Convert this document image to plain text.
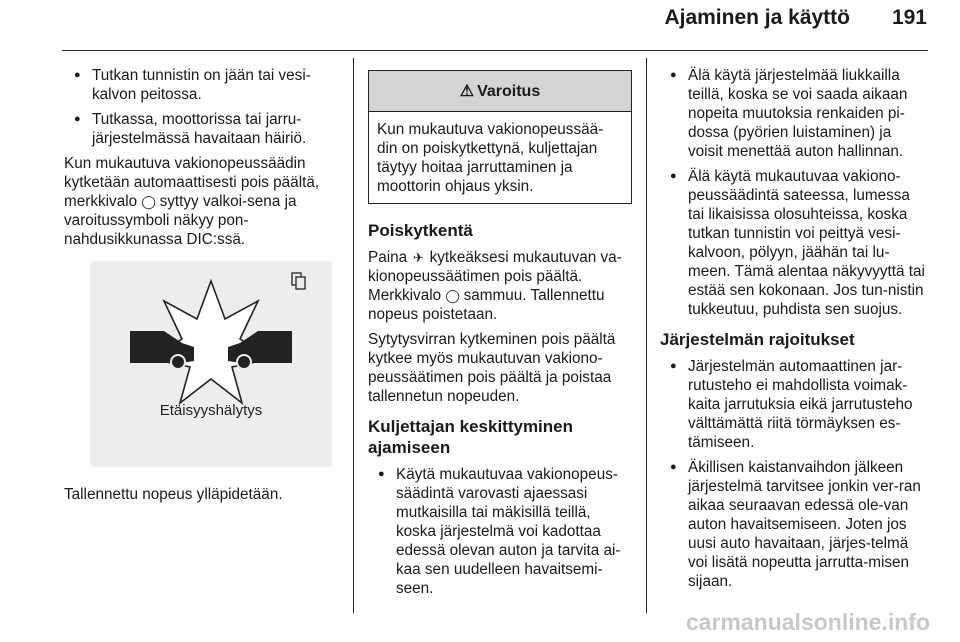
Ajaminen ja käyttö	191
● Tutkan tunnistin on jään tai vesi-kalvon peitossa.
● Tutkassa, moottorissa tai jarru-järjestelmässä havaitaan häiriö.

Kun mukautuva vakionopeussäädin kytketään automaattisesti pois päältä, merkkivalo ◯ syttyy valkoi-sena ja varoitussymboli näkyy pon-nahdusikkunassa DIC:ssä.

Etäisyyshälytys

Tallennettu nopeus ylläpidetään.

⚠ Varoitus
Kun mukautuva vakionopeussää-din on poiskytkettynä, kuljettajan täytyy hoitaa jarruttaminen ja moottorin ohjaus yksin.
Poiskytkentä

Paina ✈ kytkeäksesi mukautuvan va-kionopeussäätimen pois päältä. Merkkivalo ◯ sammuu. Tallennettu nopeus poistetaan.

Sytytysvirran kytkeminen pois päältä kytkee myös mukautuvan vakiono-peussäätimen pois päältä ja poistaa tallennetun nopeuden.

Kuljettajan keskittyminen ajamiseen
● Käytä mukautuvaa vakionopeus-säädintä varovasti ajaessasi mutkaisilla tai mäkisillä teillä, koska järjestelmä voi kadottaa edessä olevan auton ja tarvita ai-kaa sen uudelleen havaitsemi-seen.
● Älä käytä järjestelmää liukkailla teillä, koska se voi saada aikaan nopeita muutoksia renkaiden pi-dossa (pyörien luistaminen) ja voisit menettää auton hallinnan.
● Älä käytä mukautuvaa vakiono-peussäädintä sateessa, lumessa tai likaisissa olosuhteissa, koska tutkan tunnistin voi peittyä vesi-kalvoon, pölyyn, jäähän tai lu-meen. Tämä alentaa näkyvyyttä tai estää sen kokonaan. Jos tun-nistin tukkeutuu, puhdista sen suojus.
Järjestelmän rajoitukset
● Järjestelmän automaattinen jar-rutusteho ei mahdollista voimak-kaita jarrutuksia eikä jarrutusteho välttämättä riitä törmäyksen es-tämiseen.
● Äkillisen kaistanvaihdon jälkeen järjestelmä tarvitsee jonkin ver-ran aikaa seuraavan edessä ole-van auton havaitsemiseen. Joten jos uusi auto havaitaan, järjes-telmä voi lisätä nopeutta jarrutta-misen sijaan.
carmanualsonline.info
